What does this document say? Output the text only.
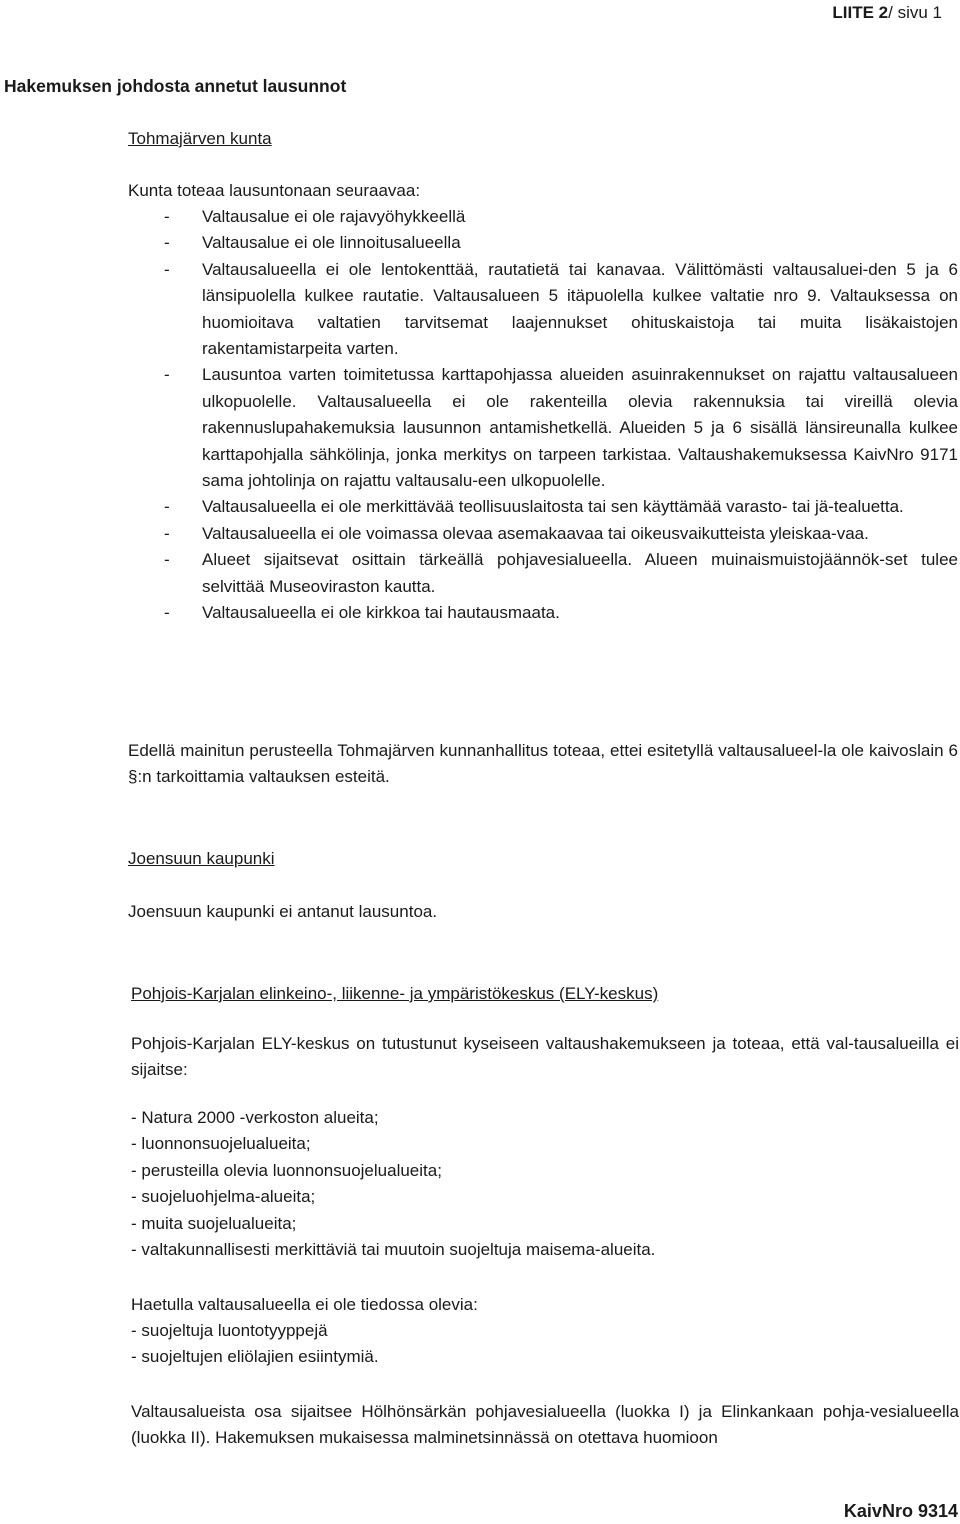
LIITE 2/ sivu 1
Hakemuksen johdosta annetut lausunnot
Tohmajärven kunta
Kunta toteaa lausuntonaan seuraavaa:
- Valtausalue ei ole rajavyöhykkeellä
- Valtausalue ei ole linnoitusalueella
- Valtausalueella ei ole lentokenttää, rautatietä tai kanavaa. Välittömästi valtausaluei-den 5 ja 6 länsipuolella kulkee rautatie. Valtausalueen 5 itäpuolella kulkee valtatie nro 9. Valtauksessa on huomioitava valtatien tarvitsemat laajennukset ohituskaistoja tai muita lisäkaistojen rakentamistarpeita varten.
- Lausuntoa varten toimitetussa karttapohjassa alueiden asuinrakennukset on rajattu valtausalueen ulkopuolelle. Valtausalueella ei ole rakenteilla olevia rakennuksia tai vireillä olevia rakennuslupahakemuksia lausunnon antamishetkellä. Alueiden 5 ja 6 sisällä länsireunalla kulkee karttapohjalla sähkölinja, jonka merkitys on tarpeen tarkistaa. Valtaushakemuksessa KaivNro 9171 sama johtolinja on rajattu valtausalu-een ulkopuolelle.
- Valtausalueella ei ole merkittävää teollisuuslaitosta tai sen käyttämää varasto- tai jä-tealuetta.
- Valtausalueella ei ole voimassa olevaa asemakaavaa tai oikeusvaikutteista yleiskaa-vaa.
- Alueet sijaitsevat osittain tärkeällä pohjavesialueella. Alueen muinaismuistojäännök-set tulee selvittää Museoviraston kautta.
- Valtausalueella ei ole kirkkoa tai hautausmaata.
Edellä mainitun perusteella Tohmajärven kunnanhallitus toteaa, ettei esitetyllä valtausalueel-la ole kaivoslain 6 §:n tarkoittamia valtauksen esteitä.
Joensuun kaupunki
Joensuun kaupunki ei antanut lausuntoa.
Pohjois-Karjalan elinkeino-, liikenne- ja ympäristökeskus (ELY-keskus)
Pohjois-Karjalan ELY-keskus on tutustunut kyseiseen valtaushakemukseen ja toteaa, että val-tausalueilla ei sijaitse:
- Natura 2000 -verkoston alueita;
- luonnonsuojelualueita;
- perusteilla olevia luonnonsuojelualueita;
- suojeluohjelma-alueita;
- muita suojelualueita;
- valtakunnallisesti merkittäviä tai muutoin suojeltuja maisema-alueita.
Haetulla valtausalueella ei ole tiedossa olevia:
- suojeltuja luontotyyppejä
- suojeltujen eliölajien esiintymiä.
Valtausalueista osa sijaitsee Hölhönsärkän pohjavesialueella (luokka I) ja Elinkankaan pohja-vesialueella (luokka II). Hakemuksen mukaisessa malminetsinnässä on otettava huomioon
KaivNro 9314
